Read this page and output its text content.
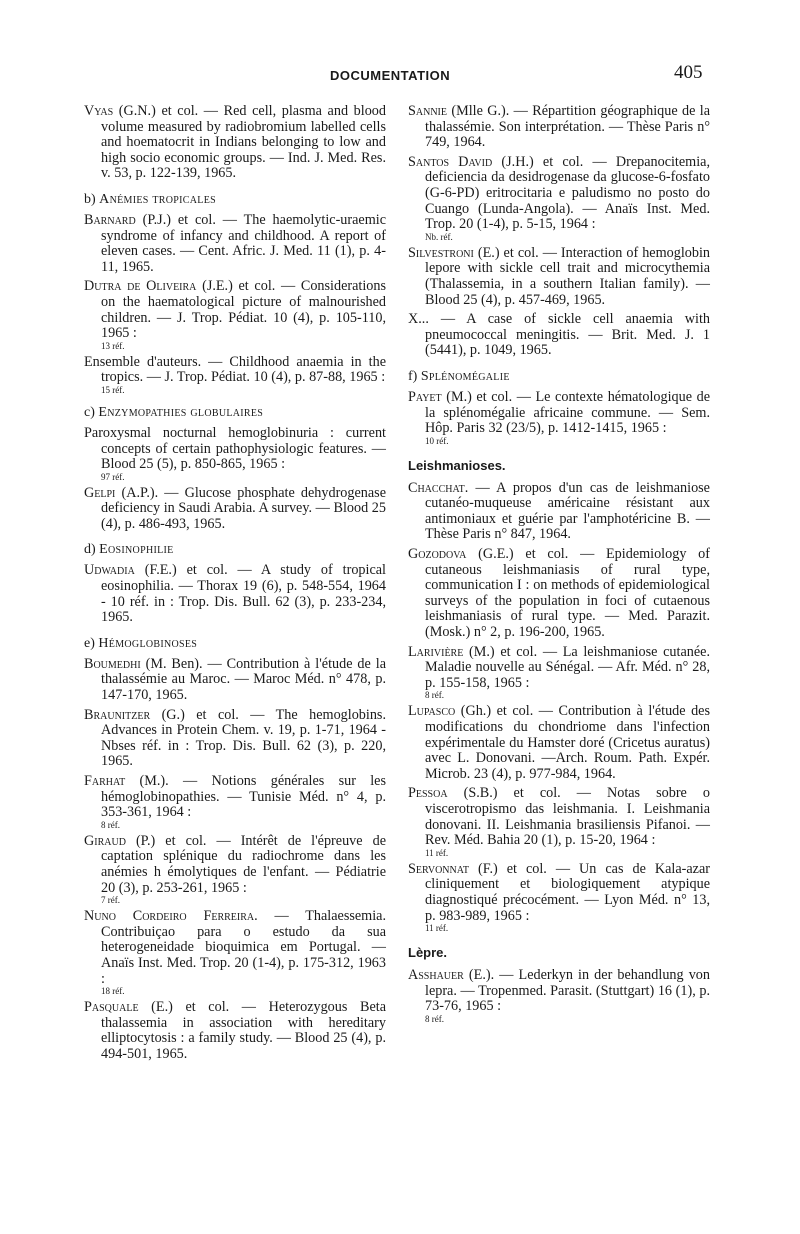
DOCUMENTATION	405
Vyas (G.N.) et col. — Red cell, plasma and blood volume measured by radiobromium labelled cells and hoematocrit in Indians belonging to low and high socio economic groups. — Ind. J. Med. Res. v. 53, p. 122-139, 1965.
b) Anémies tropicales
Barnard (P.J.) et col. — The haemolytic-uraemic syndrome of infancy and childhood. A report of eleven cases. — Cent. Afric. J. Med. 11 (1), p. 4-11, 1965.
Dutra de Oliveira (J.E.) et col. — Considerations on the haematological picture of malnourished children. — J. Trop. Pédiat. 10 (4), p. 105-110, 1965 :
13 réf.
Ensemble d'auteurs. — Childhood anaemia in the tropics. — J. Trop. Pédiat. 10 (4), p. 87-88, 1965 :
15 réf.
c) Enzymopathies globulaires
Paroxysmal nocturnal hemoglobinuria : current concepts of certain pathophysiologic features. — Blood 25 (5), p. 850-865, 1965 :
97 réf.
Gelpi (A.P.). — Glucose phosphate dehydrogenase deficiency in Saudi Arabia. A survey. — Blood 25 (4), p. 486-493, 1965.
d) Eosinophilie
Udwadia (F.E.) et col. — A study of tropical eosinophilia. — Thorax 19 (6), p. 548-554, 1964 - 10 réf. in : Trop. Dis. Bull. 62 (3), p. 233-234, 1965.
e) Hémoglobinoses
Boumedhi (M. Ben). — Contribution à l'étude de la thalassémie au Maroc. — Maroc Méd. n° 478, p. 147-170, 1965.
Braunitzer (G.) et col. — The hemoglobins. Advances in Protein Chem. v. 19, p. 1-71, 1964 - Nbses réf. in : Trop. Dis. Bull. 62 (3), p. 220, 1965.
Farhat (M.). — Notions générales sur les hémoglobinopathies. — Tunisie Méd. n° 4, p. 353-361, 1964 :
8 réf.
Giraud (P.) et col. — Intérêt de l'épreuve de captation splénique du radiochrome dans les anémies h émolytiques de l'enfant. — Pédiatrie 20 (3), p. 253-261, 1965 :
7 réf.
Nuno Cordeiro Ferreira. — Thalaessemia. Contribuiçao para o estudo da sua heterogeneidade bioquimica em Portugal. — Anaïs Inst. Med. Trop. 20 (1-4), p. 175-312, 1963 :
18 réf.
Pasquale (E.) et col. — Heterozygous Beta thalassemia in association with hereditary elliptocytosis : a family study. — Blood 25 (4), p. 494-501, 1965.
Sannie (Mlle G.). — Répartition géographique de la thalassémie. Son interprétation. — Thèse Paris n° 749, 1964.
Santos David (J.H.) et col. — Drepanocitemia, deficiencia da desidrogenase da glucose-6-fosfato (G-6-PD) eritrocitaria e paludismo no posto do Cuango (Lunda-Angola). — Anaïs Inst. Med. Trop. 20 (1-4), p. 5-15, 1964 :
Nb. réf.
Silvestroni (E.) et col. — Interaction of hemoglobin lepore with sickle cell trait and microcythemia (Thalassemia, in a southern Italian family). — Blood 25 (4), p. 457-469, 1965.
X... — A case of sickle cell anaemia with pneumococcal meningitis. — Brit. Med. J. 1 (5441), p. 1049, 1965.
f) Splénomégalie
Payet (M.) et col. — Le contexte hématologique de la splénomégalie africaine commune. — Sem. Hôp. Paris 32 (23/5), p. 1412-1415, 1965 :
10 réf.
Leishmanioses.
Chacchat. — A propos d'un cas de leishmaniose cutanéo-muqueuse américaine résistant aux antimoniaux et guérie par l'amphotéricine B. — Thèse Paris n° 847, 1964.
Gozodova (G.E.) et col. — Epidemiology of cutaneous leishmaniasis of rural type, communication I : on methods of epidemiological surveys of the population in foci of cutaenous leishmaniasis of rural type. — Med. Parazit. (Mosk.) n° 2, p. 196-200, 1965.
Larivière (M.) et col. — La leishmaniose cutanée. Maladie nouvelle au Sénégal. — Afr. Méd. n° 28, p. 155-158, 1965 :
8 réf.
Lupasco (Gh.) et col. — Contribution à l'étude des modifications du chondriome dans l'infection expérimentale du Hamster doré (Cricetus auratus) avec L. Donovani. —Arch. Roum. Path. Expér. Microb. 23 (4), p. 977-984, 1964.
Pessoa (S.B.) et col. — Notas sobre o viscerotropismo das leishmania. I. Leishmania donovani. II. Leishmania brasiliensis Pifanoi. — Rev. Méd. Bahia 20 (1), p. 15-20, 1964 :
11 réf.
Servonnat (F.) et col. — Un cas de Kala-azar cliniquement et biologiquement atypique diagnostiqué précocément. — Lyon Méd. n° 13, p. 983-989, 1965 :
11 réf.
Lèpre.
Asshauer (E.). — Lederkyn in der behandlung von lepra. — Tropenmed. Parasit. (Stuttgart) 16 (1), p. 73-76, 1965 :
8 réf.
